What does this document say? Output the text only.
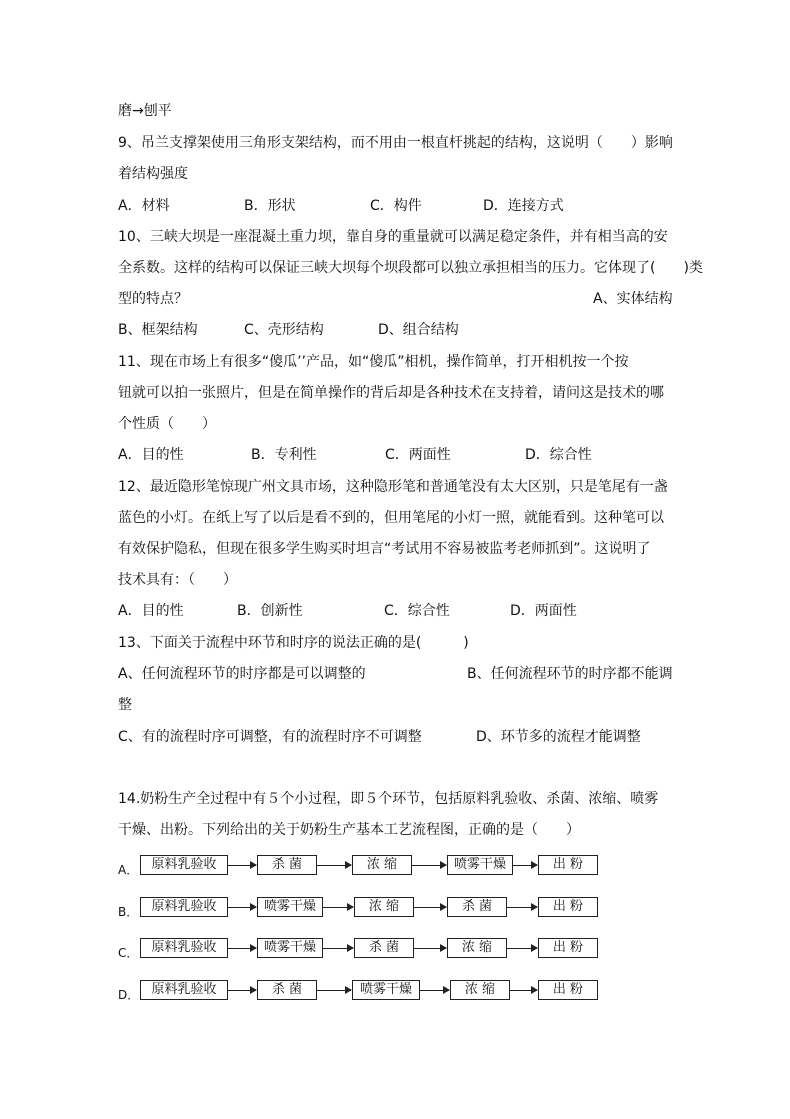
磨→刨平
9、吊兰支撑架使用三角形支架结构，而不用由一根直杆挑起的结构，这说明（　　）影响
着结构强度
A．材料	B．形状	C．构件	D．连接方式
10、三峡大坝是一座混凝土重力坝，靠自身的重量就可以满足稳定条件，并有相当高的安
全系数。这样的结构可以保证三峡大坝每个坝段都可以独立承担相当的压力。它体现了(　　)类
型的特点？	A、实体结构
B、框架结构	C、壳形结构	D、组合结构
11、现在市场上有很多“傻瓜’’产品，如“傻瓜”相机，操作简单，打开相机按一个按
钮就可以拍一张照片，但是在简单操作的背后却是各种技术在支持着，请问这是技术的哪
个性质（　　）
A．目的性	B．专利性	C．两面性	D．综合性
12、最近隐形笔惊现广州文具市场，这种隐形笔和普通笔没有太大区别，只是笔尾有一盏
蓝色的小灯。在纸上写了以后是看不到的，但用笔尾的小灯一照，就能看到。这种笔可以
有效保护隐私，但现在很多学生购买时坦言“考试用不容易被监考老师抓到”。这说明了
技术具有：（　　）
A．目的性	B．创新性	C．综合性	D．两面性
13、下面关于流程中环节和时序的说法正确的是(　　　)
A、任何流程环节的时序都是可以调整的	B、任何流程环节的时序都不能调
整
C、有的流程时序可调整，有的流程时序不可调整	D、环节多的流程才能调整
14.奶粉生产全过程中有５个小过程，即５个环节，包括原料乳验收、杀菌、浓缩、喷雾
干燥、出粉。下列给出的关于奶粉生产基本工艺流程图，正确的是（　　）
A．	原料乳验收	杀 菌	浓 缩	喷雾干燥	出 粉
B．	原料乳验收	喷雾干燥	浓 缩	杀 菌	出 粉
C．	原料乳验收	喷雾干燥	杀 菌	浓 缩	出 粉
D． 原料乳验收	杀 菌	喷雾干燥	浓 缩	出 粉
